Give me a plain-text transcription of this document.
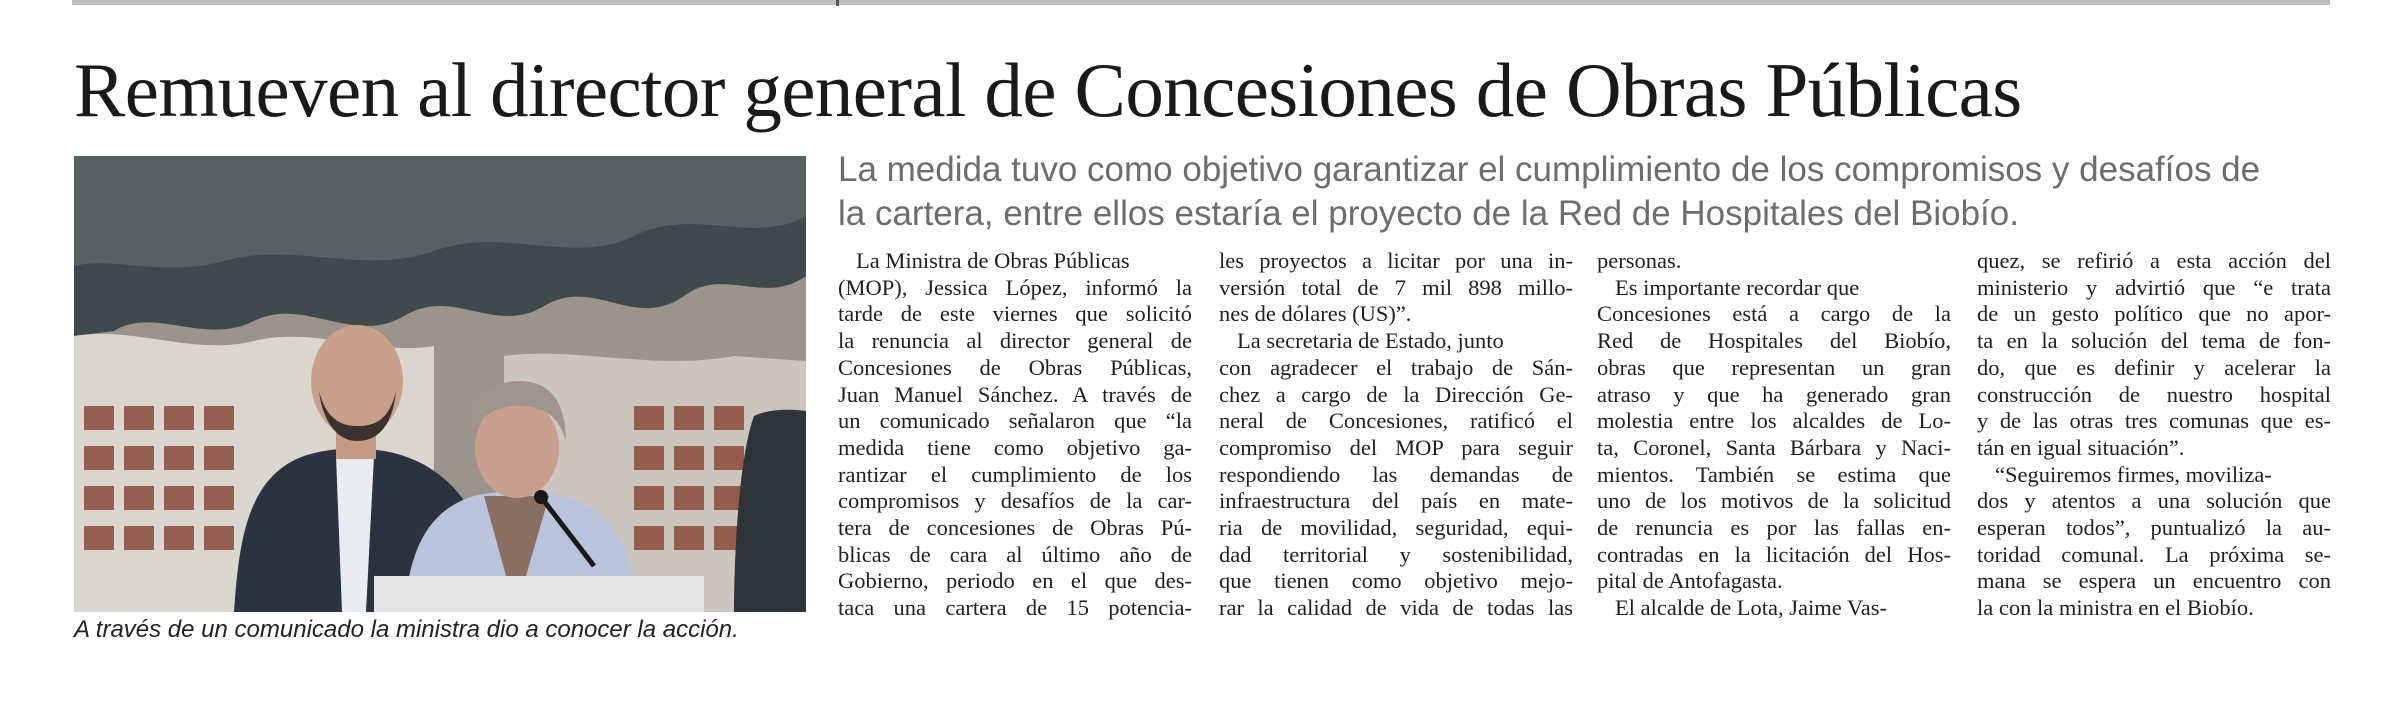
Remueven al director general de Concesiones de Obras Públicas
A través de un comunicado la ministra dio a conocer la acción.
La medida tuvo como objetivo garantizar el cumplimiento de los compromisos y desafíos de
la cartera, entre ellos estaría el proyecto de la Red de Hospitales del Biobío.
La Ministra de Obras Públicas
(MOP), Jessica López, informó la
tarde de este viernes que solicitó
la renuncia al director general de
Concesiones de Obras Públicas,
Juan Manuel Sánchez. A través de
un comunicado señalaron que “la
medida tiene como objetivo ga-
rantizar el cumplimiento de los
compromisos y desafíos de la car-
tera de concesiones de Obras Pú-
blicas de cara al último año de
Gobierno, periodo en el que des-
taca una cartera de 15 potencia-
les proyectos a licitar por una in-
versión total de 7 mil 898 millo-
nes de dólares (US)”.
La secretaria de Estado, junto
con agradecer el trabajo de Sán-
chez a cargo de la Dirección Ge-
neral de Concesiones, ratificó el
compromiso del MOP para seguir
respondiendo las demandas de
infraestructura del país en mate-
ria de movilidad, seguridad, equi-
dad territorial y sostenibilidad,
que tienen como objetivo mejo-
rar la calidad de vida de todas las
personas.
Es importante recordar que
Concesiones está a cargo de la
Red de Hospitales del Biobío,
obras que representan un gran
atraso y que ha generado gran
molestia entre los alcaldes de Lo-
ta, Coronel, Santa Bárbara y Naci-
mientos. También se estima que
uno de los motivos de la solicitud
de renuncia es por las fallas en-
contradas en la licitación del Hos-
pital de Antofagasta.
El alcalde de Lota, Jaime Vas-
quez, se refirió a esta acción del
ministerio y advirtió que “e trata
de un gesto político que no apor-
ta en la solución del tema de fon-
do, que es definir y acelerar la
construcción de nuestro hospital
y de las otras tres comunas que es-
tán en igual situación”.
“Seguiremos firmes, moviliza-
dos y atentos a una solución que
esperan todos”, puntualizó la au-
toridad comunal. La próxima se-
mana se espera un encuentro con
la con la ministra en el Biobío.
